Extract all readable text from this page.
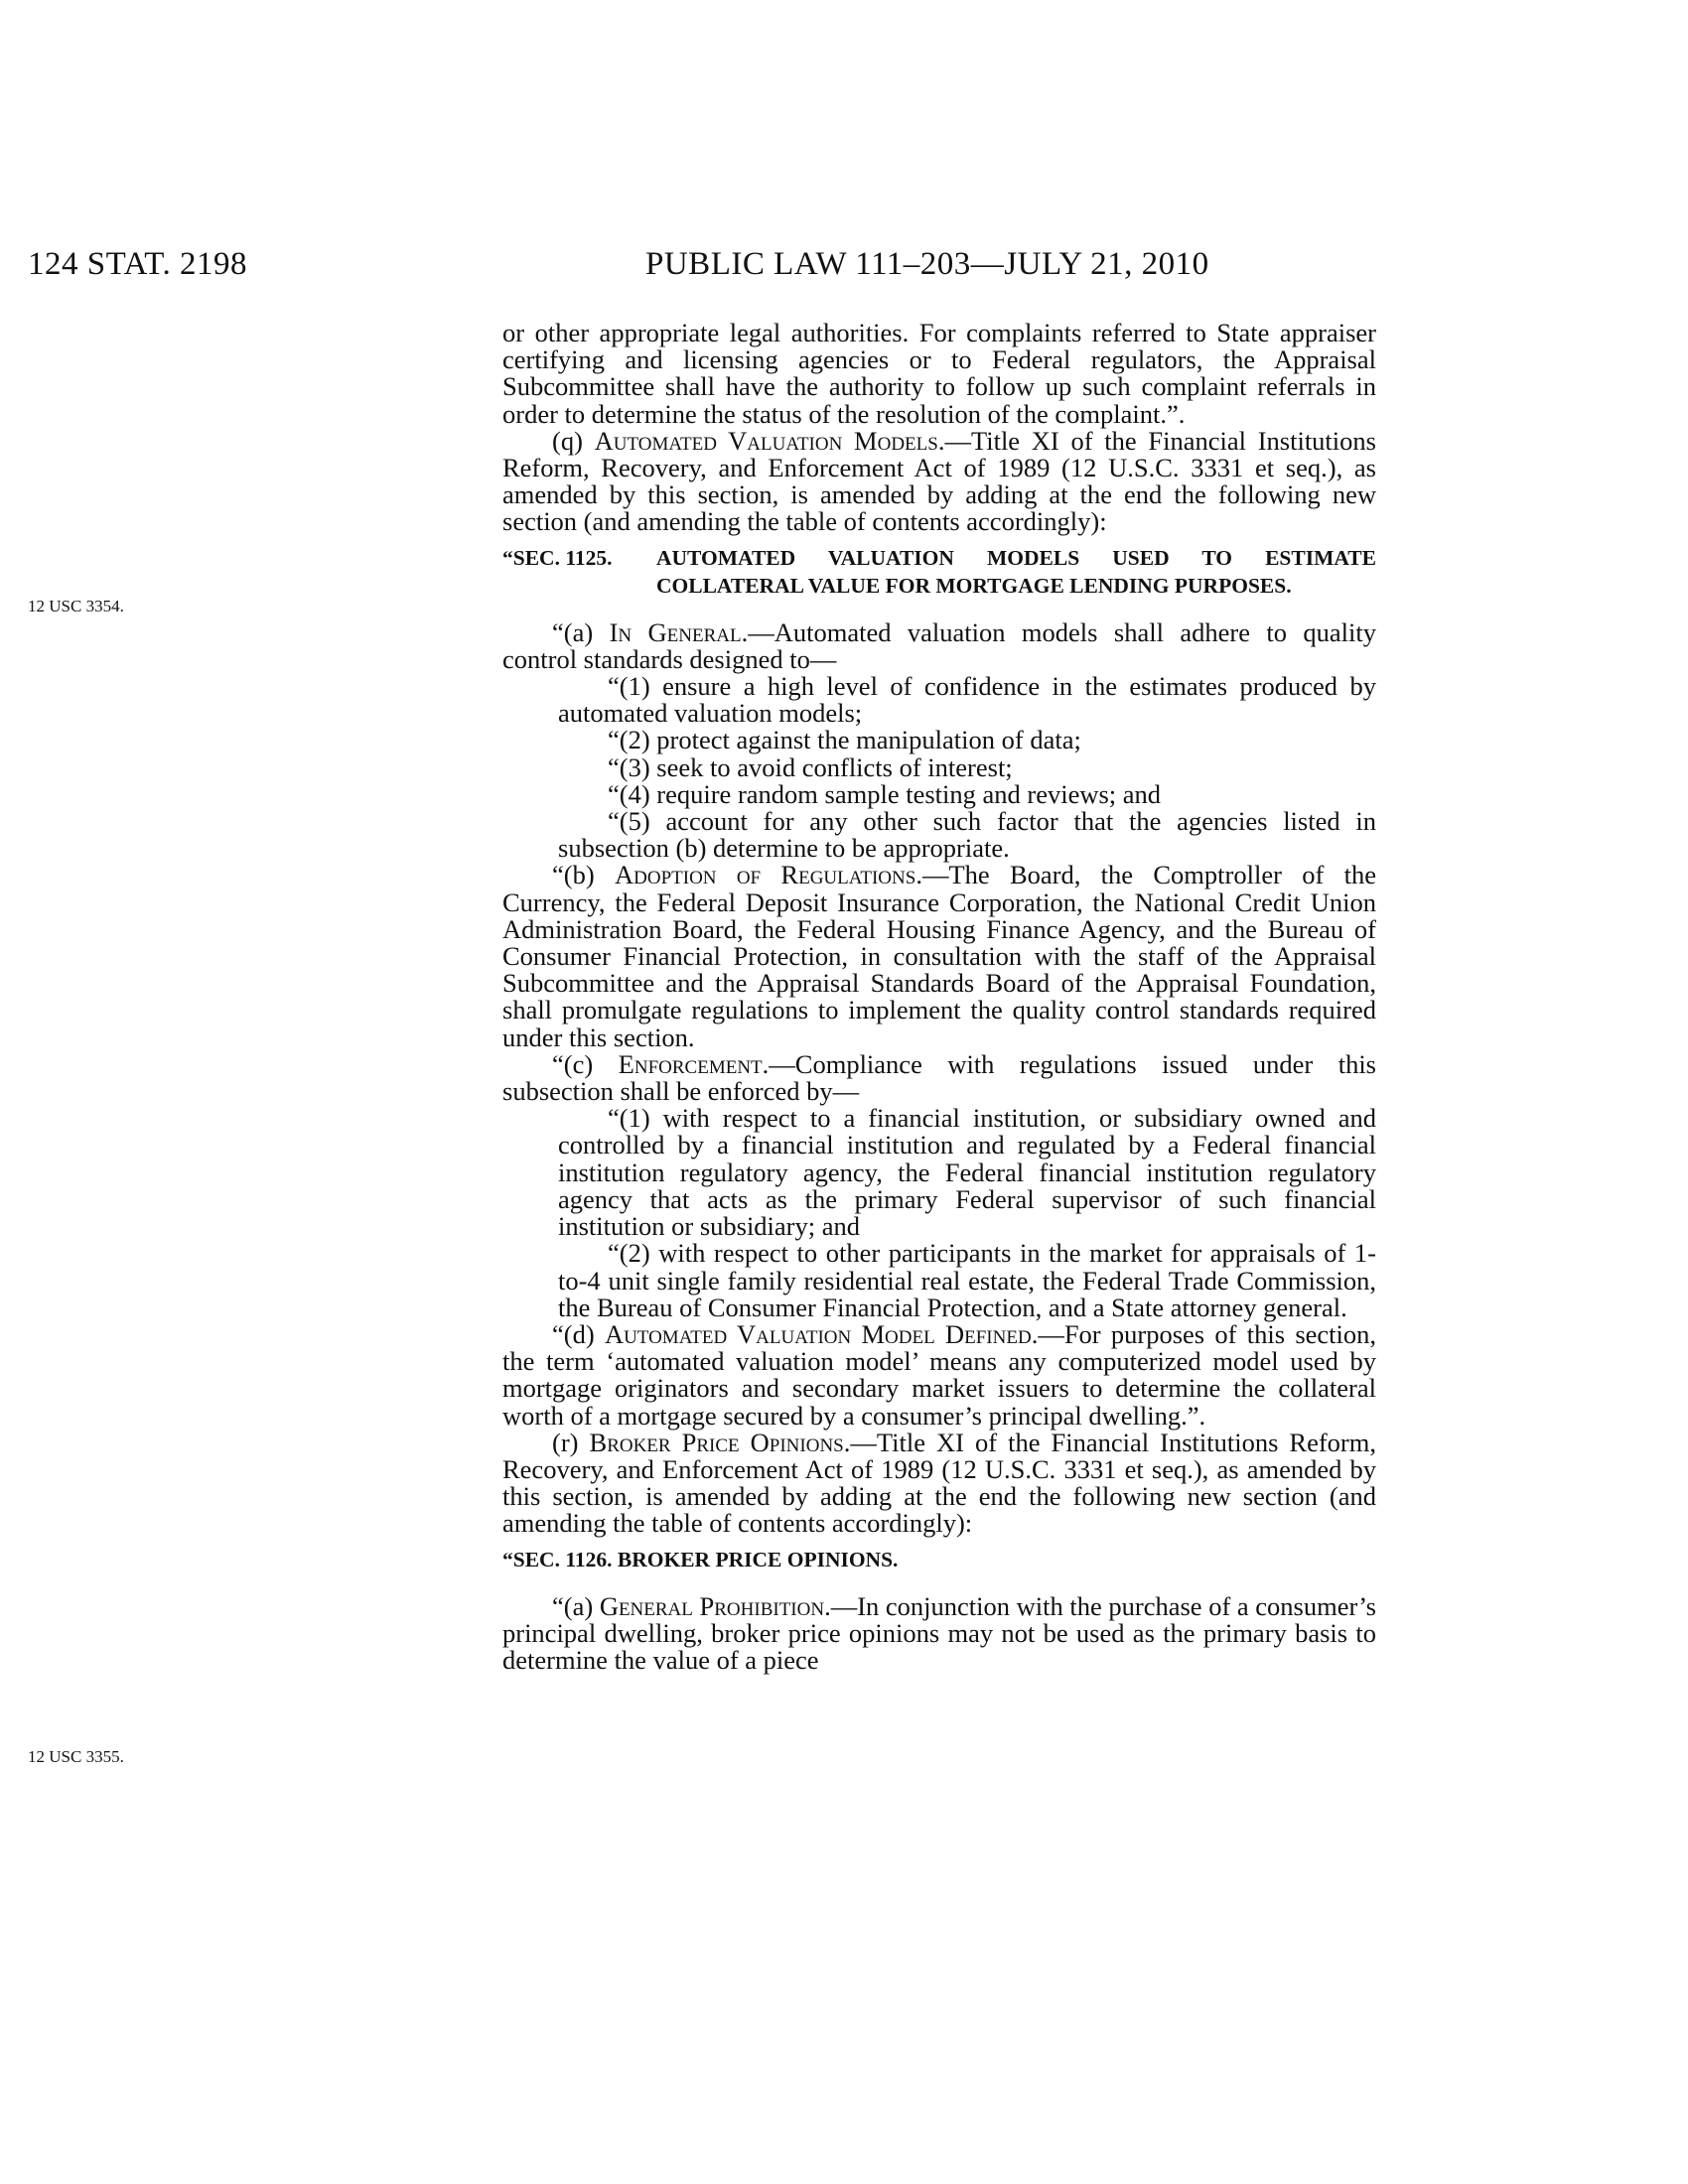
124 STAT. 2198	PUBLIC LAW 111–203—JULY 21, 2010
12 USC 3354.
12 USC 3355.

or other appropriate legal authorities. For complaints referred to State appraiser certifying and licensing agencies or to Federal regulators, the Appraisal Subcommittee shall have the authority to follow up such complaint referrals in order to determine the status of the resolution of the complaint.”.

(q) Automated Valuation Models.—Title XI of the Financial Institutions Reform, Recovery, and Enforcement Act of 1989 (12 U.S.C. 3331 et seq.), as amended by this section, is amended by adding at the end the following new section (and amending the table of contents accordingly):

“SEC. 1125.	AUTOMATED VALUATION MODELS USED TO ESTIMATE COLLATERAL VALUE FOR MORTGAGE LENDING PURPOSES.

“(a) In General.—Automated valuation models shall adhere to quality control standards designed to—

“(1) ensure a high level of confidence in the estimates produced by automated valuation models;

“(2) protect against the manipulation of data;

“(3) seek to avoid conflicts of interest;

“(4) require random sample testing and reviews; and

“(5) account for any other such factor that the agencies listed in subsection (b) determine to be appropriate.

“(b) Adoption of Regulations.—The Board, the Comptroller of the Currency, the Federal Deposit Insurance Corporation, the National Credit Union Administration Board, the Federal Housing Finance Agency, and the Bureau of Consumer Financial Protection, in consultation with the staff of the Appraisal Subcommittee and the Appraisal Standards Board of the Appraisal Foundation, shall promulgate regulations to implement the quality control standards required under this section.

“(c) Enforcement.—Compliance with regulations issued under this subsection shall be enforced by—

“(1) with respect to a financial institution, or subsidiary owned and controlled by a financial institution and regulated by a Federal financial institution regulatory agency, the Federal financial institution regulatory agency that acts as the primary Federal supervisor of such financial institution or subsidiary; and

“(2) with respect to other participants in the market for appraisals of 1-to-4 unit single family residential real estate, the Federal Trade Commission, the Bureau of Consumer Financial Protection, and a State attorney general.

“(d) Automated Valuation Model Defined.—For purposes of this section, the term ‘automated valuation model’ means any computerized model used by mortgage originators and secondary market issuers to determine the collateral worth of a mortgage secured by a consumer’s principal dwelling.”.

(r) Broker Price Opinions.—Title XI of the Financial Institutions Reform, Recovery, and Enforcement Act of 1989 (12 U.S.C. 3331 et seq.), as amended by this section, is amended by adding at the end the following new section (and amending the table of contents accordingly):

“SEC. 1126. BROKER PRICE OPINIONS.

“(a) General Prohibition.—In conjunction with the purchase of a consumer’s principal dwelling, broker price opinions may not be used as the primary basis to determine the value of a piece
